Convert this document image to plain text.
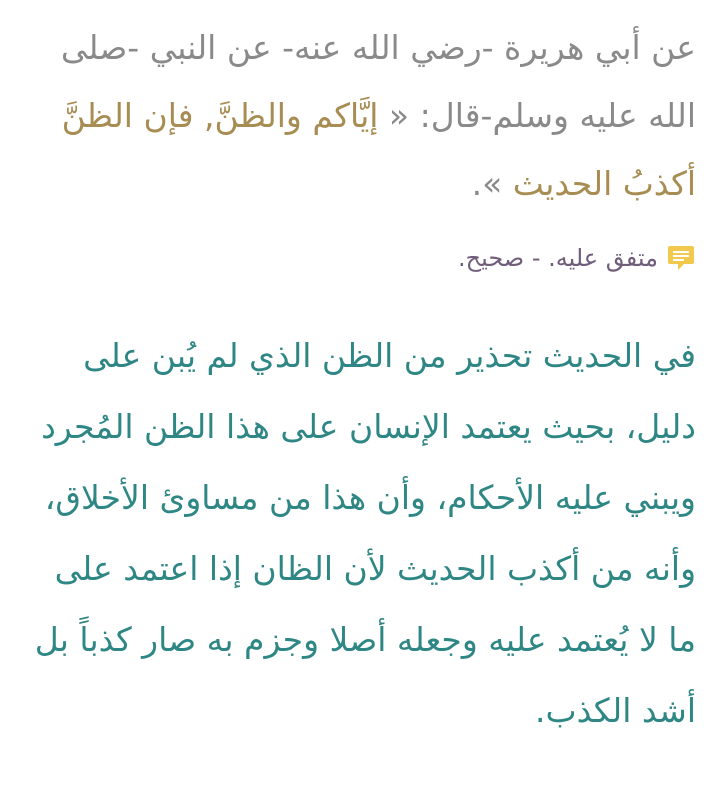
عن أبي هريرة -رضي الله عنه- عن النبي -صلى الله عليه وسلم-قال: « إيَّاكم والظنَّ, فإن الظنَّ أكذبُ الحديث ».

متفق عليه. - صحيح.

في الحديث تحذير من الظن الذي لم يُبن على دليل، بحيث يعتمد الإنسان على هذا الظن المُجرد ويبني عليه الأحكام، وأن هذا من مساوئ الأخلاق، وأنه من أكذب الحديث لأن الظان إذا اعتمد على ما لا يُعتمد عليه وجعله أصلا وجزم به صار كذباً بل أشد الكذب.
